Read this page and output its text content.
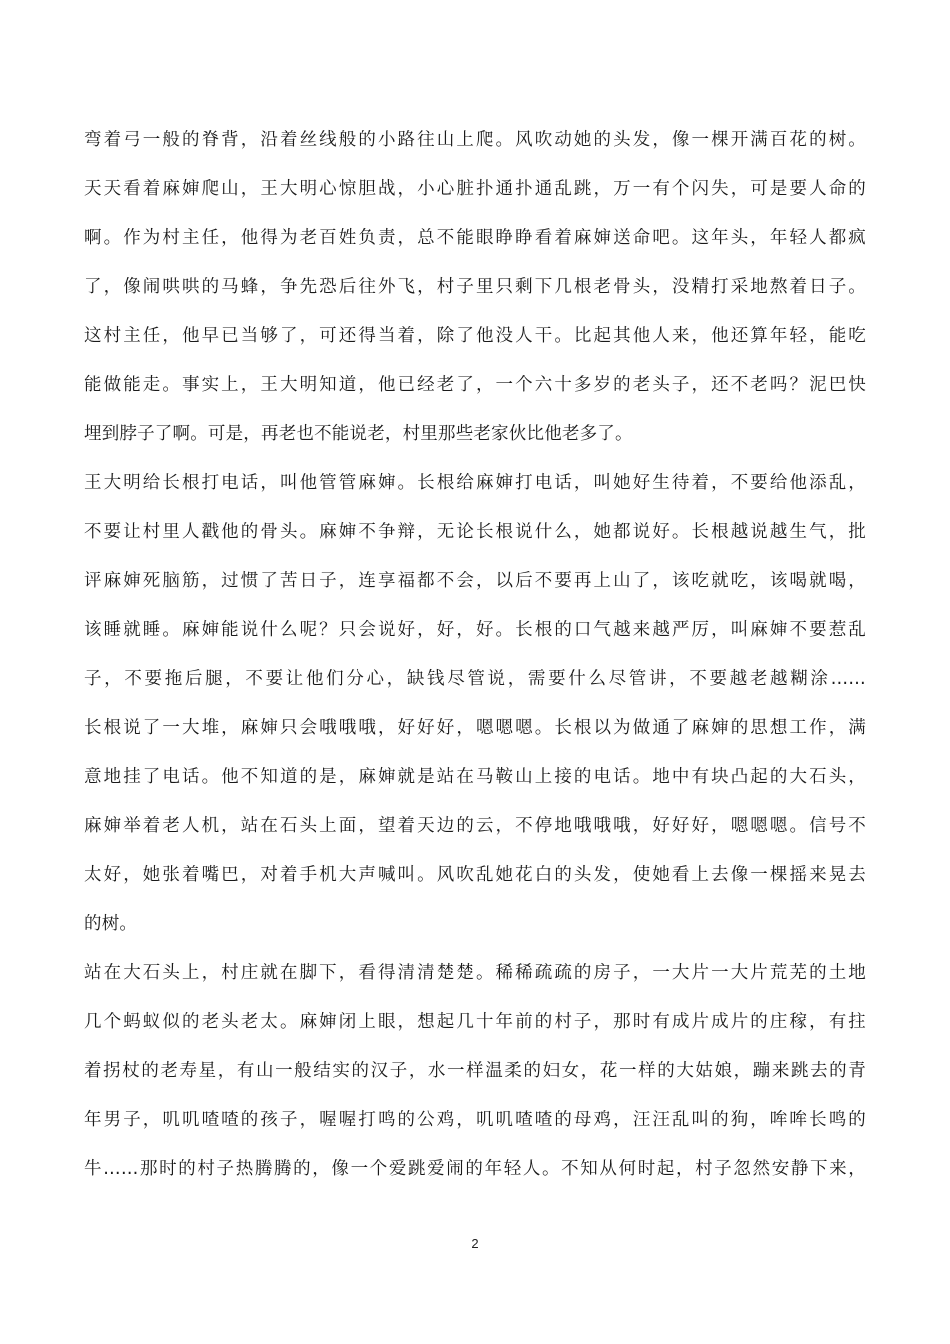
弯着弓一般的脊背，沿着丝线般的小路往山上爬。风吹动她的头发，像一棵开满百花的树。
天天看着麻婶爬山，王大明心惊胆战，小心脏扑通扑通乱跳，万一有个闪失，可是要人命的
啊。作为村主任，他得为老百姓负责，总不能眼睁睁看着麻婶送命吧。这年头，年轻人都疯
了，像闹哄哄的马蜂，争先恐后往外飞，村子里只剩下几根老骨头，没精打采地熬着日子。
这村主任，他早已当够了，可还得当着，除了他没人干。比起其他人来，他还算年轻，能吃
能做能走。事实上，王大明知道，他已经老了，一个六十多岁的老头子，还不老吗？泥巴快
埋到脖子了啊。可是，再老也不能说老，村里那些老家伙比他老多了。
王大明给长根打电话，叫他管管麻婶。长根给麻婶打电话，叫她好生待着，不要给他添乱，
不要让村里人戳他的骨头。麻婶不争辩，无论长根说什么，她都说好。长根越说越生气，批
评麻婶死脑筋，过惯了苦日子，连享福都不会，以后不要再上山了，该吃就吃，该喝就喝，
该睡就睡。麻婶能说什么呢？只会说好，好，好。长根的口气越来越严厉，叫麻婶不要惹乱
子，不要拖后腿，不要让他们分心，缺钱尽管说，需要什么尽管讲，不要越老越糊涂……
长根说了一大堆，麻婶只会哦哦哦，好好好，嗯嗯嗯。长根以为做通了麻婶的思想工作，满
意地挂了电话。他不知道的是，麻婶就是站在马鞍山上接的电话。地中有块凸起的大石头，
麻婶举着老人机，站在石头上面，望着天边的云，不停地哦哦哦，好好好，嗯嗯嗯。信号不
太好，她张着嘴巴，对着手机大声喊叫。风吹乱她花白的头发，使她看上去像一棵摇来晃去
的树。
站在大石头上，村庄就在脚下，看得清清楚楚。稀稀疏疏的房子，一大片一大片荒芜的土地
几个蚂蚁似的老头老太。麻婶闭上眼，想起几十年前的村子，那时有成片成片的庄稼，有拄
着拐杖的老寿星，有山一般结实的汉子，水一样温柔的妇女，花一样的大姑娘，蹦来跳去的青
年男子，叽叽喳喳的孩子，喔喔打鸣的公鸡，叽叽喳喳的母鸡，汪汪乱叫的狗，哞哞长鸣的
牛……那时的村子热腾腾的，像一个爱跳爱闹的年轻人。不知从何时起，村子忽然安静下来，
2
